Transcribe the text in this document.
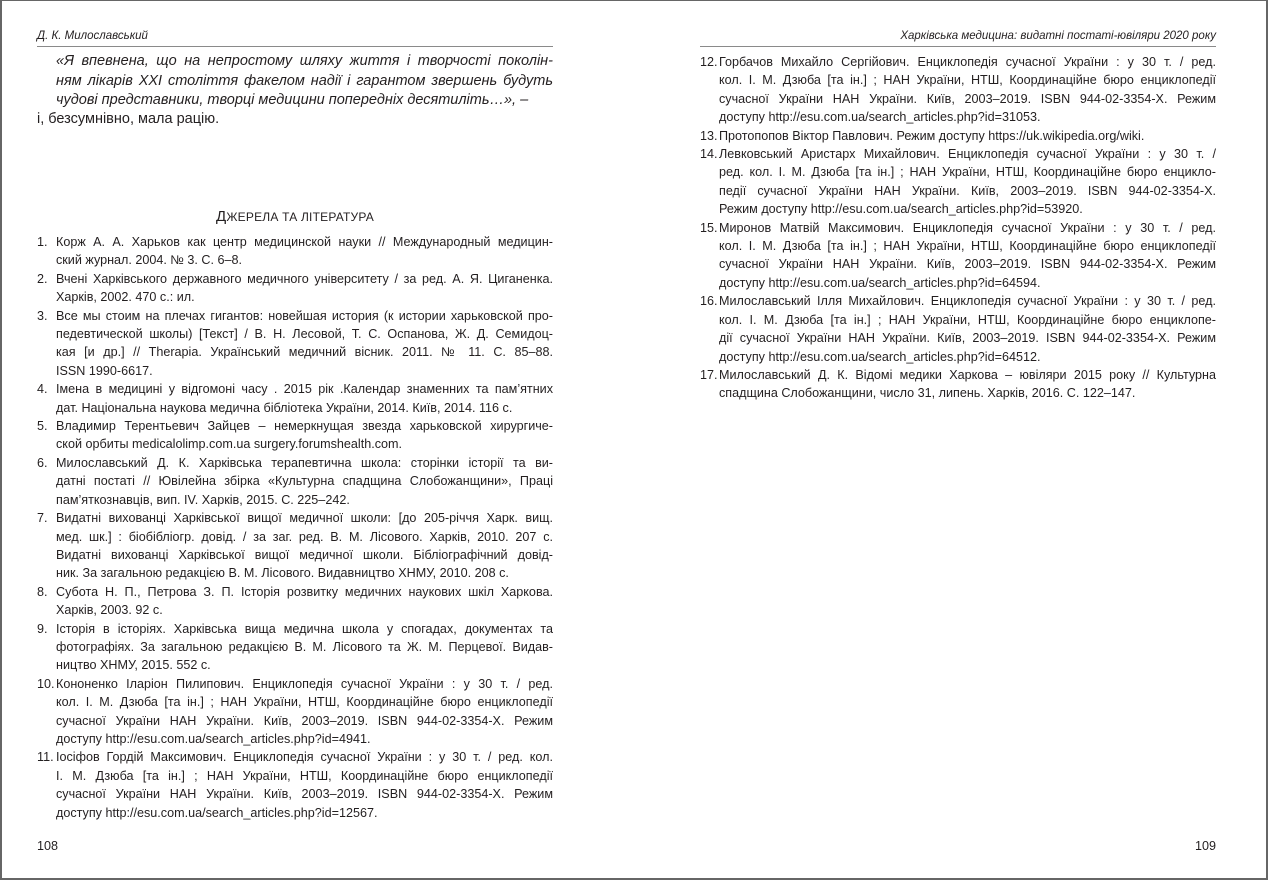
Д. К. Милославський
«Я впевнена, що на непростому шляху життя і творчості поколін-
ням лікарів XXI століття факелом надії і гарантом звершень будуть
чудові представники, творці медицини попередніх десятиліть…», –
і, безсумнівно, мала рацію.
ДЖЕРЕЛА ТА ЛІТЕРАТУРА
1. Корж А. А. Харьков как центр медицинской науки // Международный медицин-
ский журнал. 2004. № 3. С. 6–8.
2. Вчені Харківського державного медичного університету / за ред. А. Я. Циганенка.
Харків, 2002. 470 с.: ил.
3. Все мы стоим на плечах гигантов: новейшая история (к истории харьковской про-
педевтической школы) [Текст] / В. Н. Лесовой, Т. С. Оспанова, Ж. Д. Семидоц-
кая [и др.] // Therapia. Український медичний вісник. 2011. № 11. С. 85–88.
ISSN 1990-6617.
4. Імена в медицині у відгомоні часу . 2015 рік .Календар знаменних та пам’ятних
дат. Національна наукова медична бібліотека України, 2014. Київ, 2014. 116 с.
5. Владимир Терентьевич Зайцев – немеркнущая звезда харьковской хирургиче-
ской орбиты medicalolimp.com.ua surgery.forumshealth.com.
6. Милославський Д. К. Харківська терапевтична школа: сторінки історії та ви-
датні постаті // Ювілейна збірка «Культурна спадщина Слобожанщини», Праці
пам’яткознавців, вип. IV. Харків, 2015. С. 225–242.
7. Видатні вихованці Харківської вищої медичної школи: [до 205-річчя Харк. вищ.
мед. шк.] : біобібліогр. довід. / за заг. ред. В. М. Лісового. Харків, 2010. 207 с.
Видатні вихованці Харківської вищої медичної школи. Бібліографічний довід-
ник. За загальною редакцією В. М. Лісового. Видавництво ХНМУ, 2010. 208 с.
8. Субота Н. П., Петрова З. П. Історія розвитку медичних наукових шкіл Харкова.
Харків, 2003. 92 с.
9. Історія в історіях. Харківська вища медична школа у спогадах, документах та
фотографіях. За загальною редакцією В. М. Лісового та Ж. М. Перцевої. Видав-
ництво ХНМУ, 2015. 552 с.
10. Кононенко Іларіон Пилипович. Енциклопедія сучасної України : у 30 т. / ред.
кол. І. М. Дзюба [та ін.] ; НАН України, НТШ, Координаційне бюро енциклопедії
сучасної України НАН України. Київ, 2003–2019. ISBN 944-02-3354-Х. Режим
доступу http://esu.com.ua/search_articles.php?id=4941.
11. Іосіфов Гордій Максимович. Енциклопедія сучасної України : у 30 т. / ред. кол.
І. М. Дзюба [та ін.] ; НАН України, НТШ, Координаційне бюро енциклопедії
сучасної України НАН України. Київ, 2003–2019. ISBN 944-02-3354-Х. Режим
доступу http://esu.com.ua/search_articles.php?id=12567.
108
Харківська медицина: видатні постаті-ювіляри 2020 року
12. Горбачов Михайло Сергійович. Енциклопедія сучасної України : у 30 т. / ред.
кол. І. М. Дзюба [та ін.] ; НАН України, НТШ, Координаційне бюро енциклопедії
сучасної України НАН України. Київ, 2003–2019. ISBN 944-02-3354-Х. Режим
доступу http://esu.com.ua/search_articles.php?id=31053.
13. Протопопов Віктор Павлович. Режим доступу https://uk.wikipedia.org/wiki.
14. Левковський Аристарх Михайлович. Енциклопедія сучасної України : у 30 т. /
ред. кол. І. М. Дзюба [та ін.] ; НАН України, НТШ, Координаційне бюро енцикло-
педії сучасної України НАН України. Київ, 2003–2019. ISBN 944-02-3354-Х.
Режим доступу http://esu.com.ua/search_articles.php?id=53920.
15. Миронов Матвій Максимович. Енциклопедія сучасної України : у 30 т. / ред.
кол. І. М. Дзюба [та ін.] ; НАН України, НТШ, Координаційне бюро енциклопедії
сучасної України НАН України. Київ, 2003–2019. ISBN 944-02-3354-Х. Режим
доступу http://esu.com.ua/search_articles.php?id=64594.
16. Милославський Ілля Михайлович. Енциклопедія сучасної України : у 30 т. / ред.
кол. І. М. Дзюба [та ін.] ; НАН України, НТШ, Координаційне бюро енциклопе-
дії сучасної України НАН України. Київ, 2003–2019. ISBN 944-02-3354-Х. Режим
доступу http://esu.com.ua/search_articles.php?id=64512.
17. Милославський Д. К. Відомі медики Харкова – ювіляри 2015 року // Культурна
спадщина Слобожанщини, число 31, липень. Харків, 2016. С. 122–147.
109
